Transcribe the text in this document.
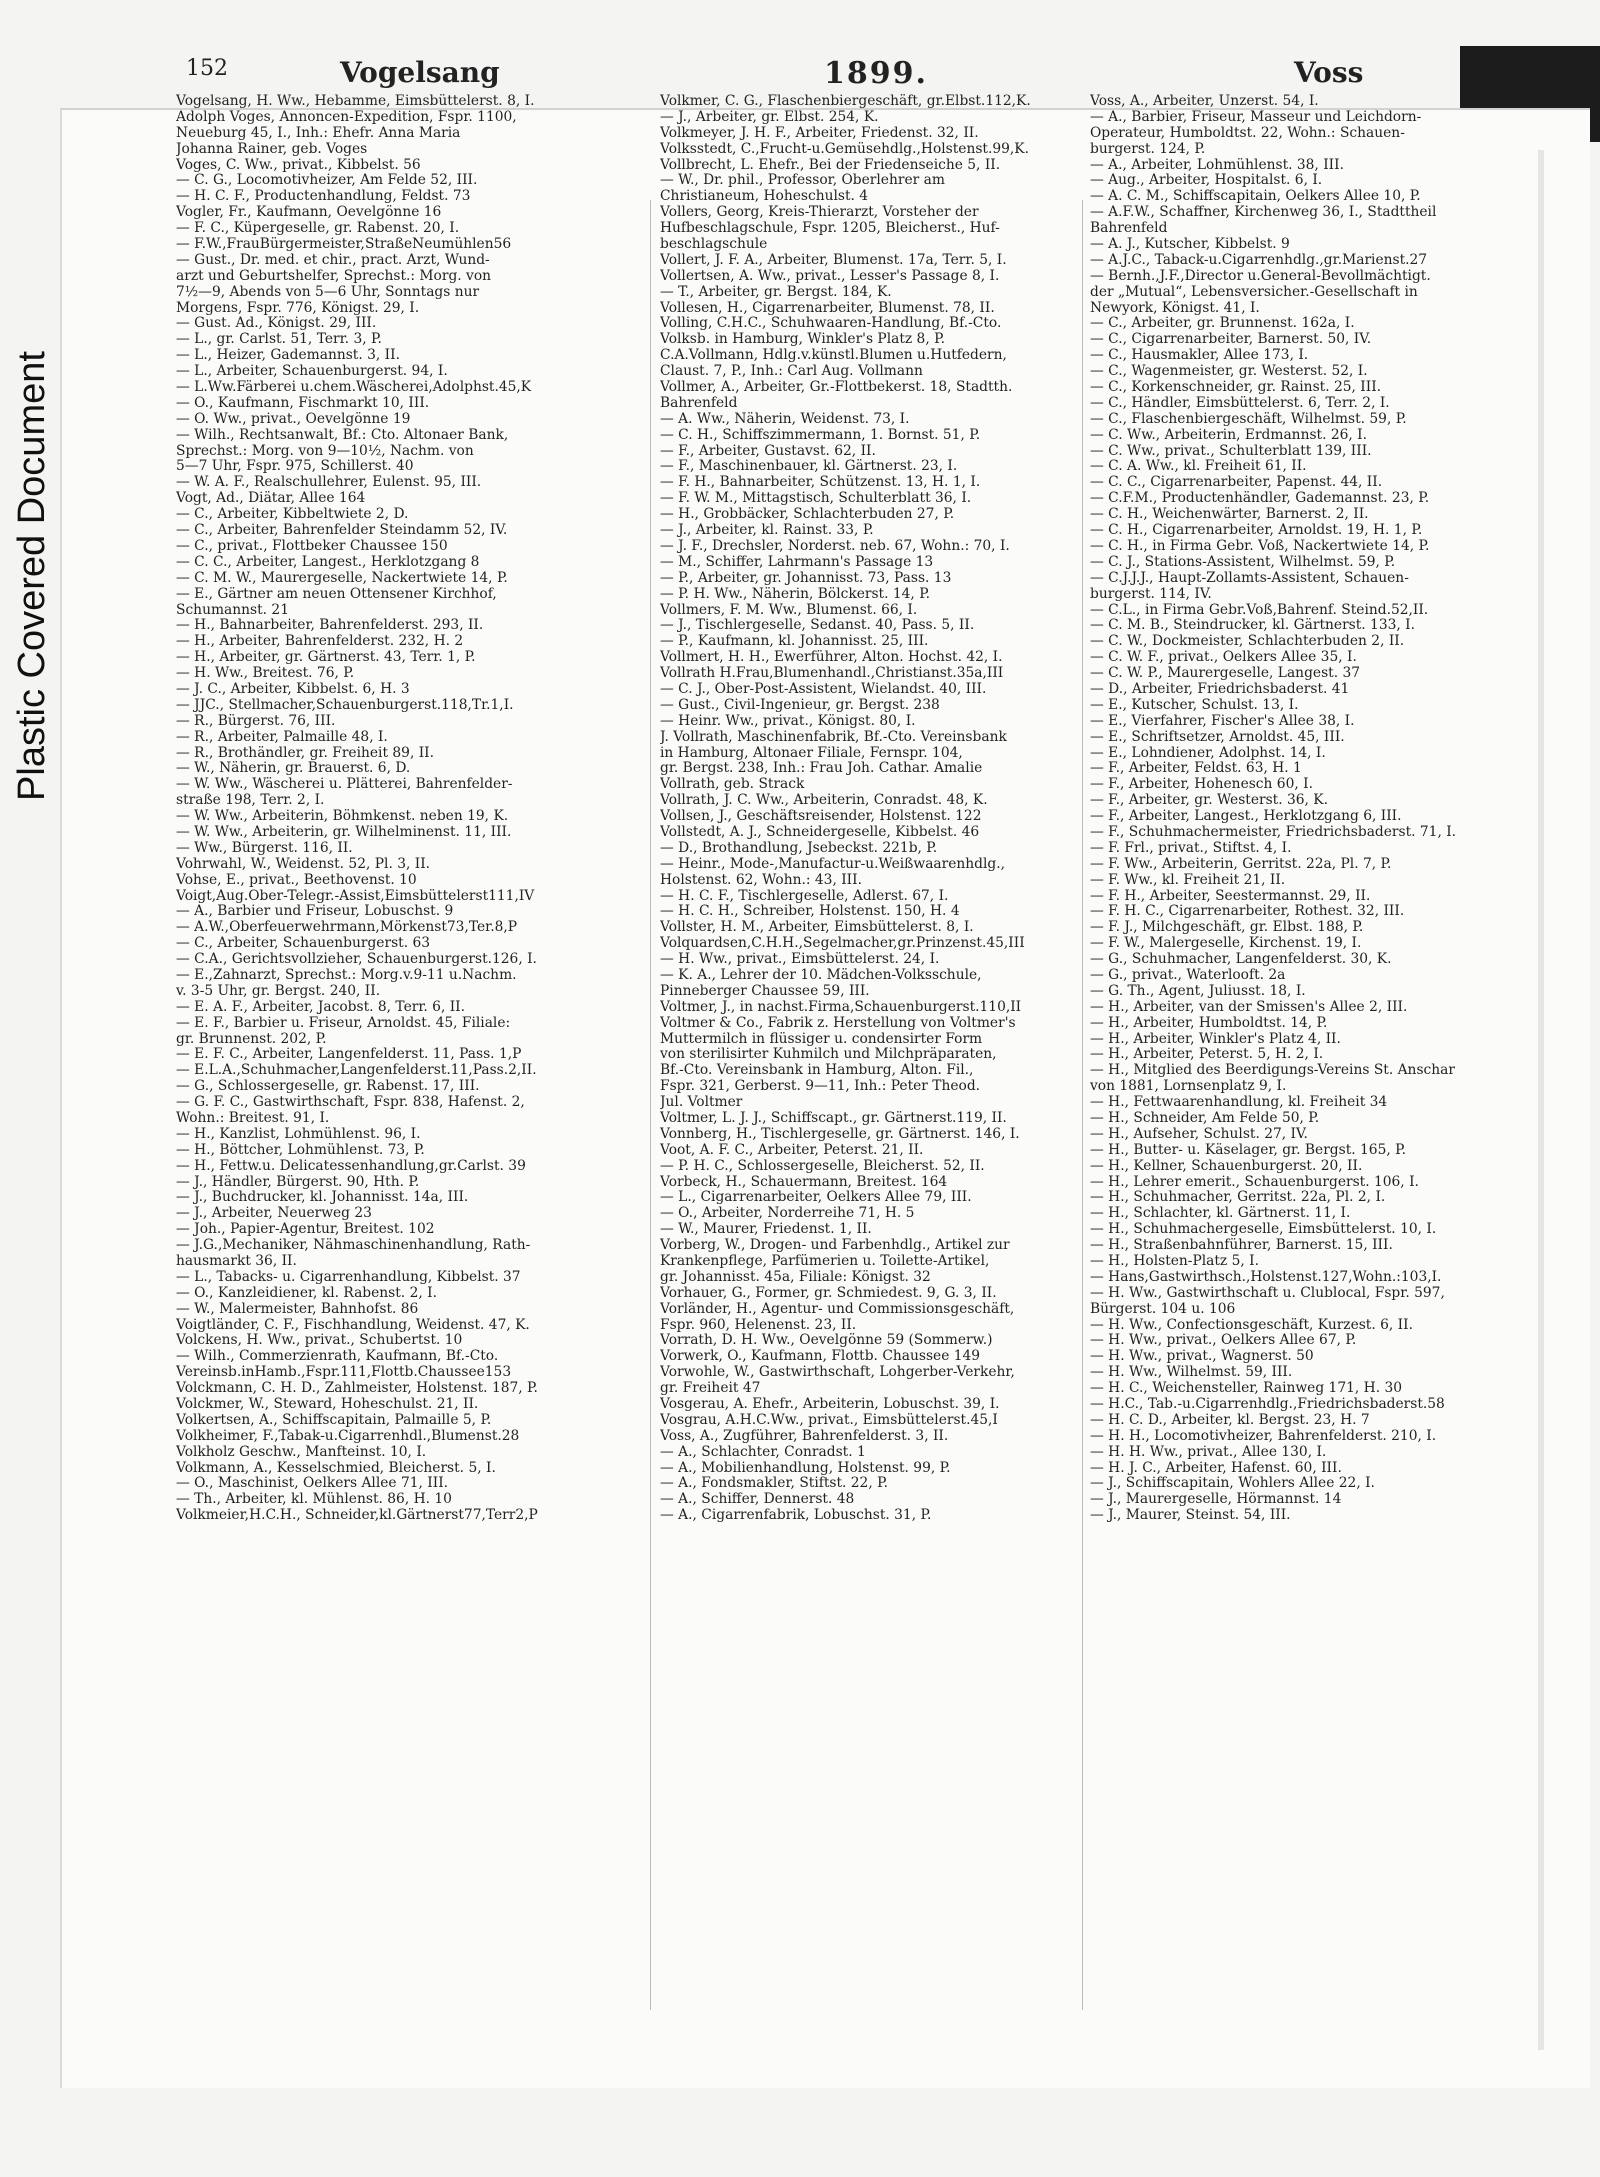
Plastic Covered Document
152	Vogelsang	1899.	Voss
Vogelsang, H. Ww., Hebamme, Eimsbüttelerst. 8, I.
Adolph Voges, Annoncen-Expedition, Fspr. 1100,
Neueburg 45, I., Inh.: Ehefr. Anna Maria
Johanna Rainer, geb. Voges
Voges, C. Ww., privat., Kibbelst. 56
— C. G., Locomotivheizer, Am Felde 52, III.
— H. C. F., Productenhandlung, Feldst. 73
Vogler, Fr., Kaufmann, Oevelgönne 16
— F. C., Küpergeselle, gr. Rabenst. 20, I.
— F.W.,FrauBürgermeister,StraßeNeumühlen56
— Gust., Dr. med. et chir., pract. Arzt, Wund-
arzt und Geburtshelfer, Sprechst.: Morg. von
7½—9, Abends von 5—6 Uhr, Sonntags nur
Morgens, Fspr. 776, Königst. 29, I.
— Gust. Ad., Königst. 29, III.
— L., gr. Carlst. 51, Terr. 3, P.
— L., Heizer, Gademannst. 3, II.
— L., Arbeiter, Schauenburgerst. 94, I.
— L.Ww.Färberei u.chem.Wäscherei,Adolphst.45,K
— O., Kaufmann, Fischmarkt 10, III.
— O. Ww., privat., Oevelgönne 19
— Wilh., Rechtsanwalt, Bf.: Cto. Altonaer Bank,
Sprechst.: Morg. von 9—10½, Nachm. von
5—7 Uhr, Fspr. 975, Schillerst. 40
— W. A. F., Realschullehrer, Eulenst. 95, III.
Vogt, Ad., Diätar, Allee 164
— C., Arbeiter, Kibbeltwiete 2, D.
— C., Arbeiter, Bahrenfelder Steindamm 52, IV.
— C., privat., Flottbeker Chaussee 150
— C. C., Arbeiter, Langest., Herklotzgang 8
— C. M. W., Maurergeselle, Nackertwiete 14, P.
— E., Gärtner am neuen Ottensener Kirchhof,
Schumannst. 21
— H., Bahnarbeiter, Bahrenfelderst. 293, II.
— H., Arbeiter, Bahrenfelderst. 232, H. 2
— H., Arbeiter, gr. Gärtnerst. 43, Terr. 1, P.
— H. Ww., Breitest. 76, P.
— J. C., Arbeiter, Kibbelst. 6, H. 3
— JJC., Stellmacher,Schauenburgerst.118,Tr.1,I.
— R., Bürgerst. 76, III.
— R., Arbeiter, Palmaille 48, I.
— R., Brothändler, gr. Freiheit 89, II.
— W., Näherin, gr. Brauerst. 6, D.
— W. Ww., Wäscherei u. Plätterei, Bahrenfelder-
straße 198, Terr. 2, I.
— W. Ww., Arbeiterin, Böhmkenst. neben 19, K.
— W. Ww., Arbeiterin, gr. Wilhelminenst. 11, III.
— Ww., Bürgerst. 116, II.
Vohrwahl, W., Weidenst. 52, Pl. 3, II.
Vohse, E., privat., Beethovenst. 10
Voigt,Aug.Ober-Telegr.-Assist,Eimsbüttelerst111,IV
— A., Barbier und Friseur, Lobuschst. 9
— A.W.,Oberfeuerwehrmann,Mörkenst73,Ter.8,P
— C., Arbeiter, Schauenburgerst. 63
— C.A., Gerichtsvollzieher, Schauenburgerst.126, I.
— E.,Zahnarzt, Sprechst.: Morg.v.9-11 u.Nachm.
v. 3-5 Uhr, gr. Bergst. 240, II.
— E. A. F., Arbeiter, Jacobst. 8, Terr. 6, II.
— E. F., Barbier u. Friseur, Arnoldst. 45, Filiale:
gr. Brunnenst. 202, P.
— E. F. C., Arbeiter, Langenfelderst. 11, Pass. 1,P
— E.L.A.,Schuhmacher,Langenfelderst.11,Pass.2,II.
— G., Schlossergeselle, gr. Rabenst. 17, III.
— G. F. C., Gastwirthschaft, Fspr. 838, Hafenst. 2,
Wohn.: Breitest. 91, I.
— H., Kanzlist, Lohmühlenst. 96, I.
— H., Böttcher, Lohmühlenst. 73, P.
— H., Fettw.u. Delicatessenhandlung,gr.Carlst. 39
— J., Händler, Bürgerst. 90, Hth. P.
— J., Buchdrucker, kl. Johannisst. 14a, III.
— J., Arbeiter, Neuerweg 23
— Joh., Papier-Agentur, Breitest. 102
— J.G.,Mechaniker, Nähmaschinenhandlung, Rath-
hausmarkt 36, II.
— L., Tabacks- u. Cigarrenhandlung, Kibbelst. 37
— O., Kanzleidiener, kl. Rabenst. 2, I.
— W., Malermeister, Bahnhofst. 86
Voigtländer, C. F., Fischhandlung, Weidenst. 47, K.
Volckens, H. Ww., privat., Schubertst. 10
— Wilh., Commerzienrath, Kaufmann, Bf.-Cto.
Vereinsb.inHamb.,Fspr.111,Flottb.Chaussee153
Volckmann, C. H. D., Zahlmeister, Holstenst. 187, P.
Volckmer, W., Steward, Hoheschulst. 21, II.
Volkertsen, A., Schiffscapitain, Palmaille 5, P.
Volkheimer, F.,Tabak-u.Cigarrenhdl.,Blumenst.28
Volkholz Geschw., Manfteinst. 10, I.
Volkmann, A., Kesselschmied, Bleicherst. 5, I.
— O., Maschinist, Oelkers Allee 71, III.
— Th., Arbeiter, kl. Mühlenst. 86, H. 10
Volkmeier,H.C.H., Schneider,kl.Gärtnerst77,Terr2,P
Volkmer, C. G., Flaschenbiergeschäft, gr.Elbst.112,K.
— J., Arbeiter, gr. Elbst. 254, K.
Volkmeyer, J. H. F., Arbeiter, Friedenst. 32, II.
Volksstedt, C.,Frucht-u.Gemüsehdlg.,Holstenst.99,K.
Vollbrecht, L. Ehefr., Bei der Friedenseiche 5, II.
— W., Dr. phil., Professor, Oberlehrer am
Christianeum, Hoheschulst. 4
Vollers, Georg, Kreis-Thierarzt, Vorsteher der
Hufbeschlagschule, Fspr. 1205, Bleicherst., Huf-
beschlagschule
Vollert, J. F. A., Arbeiter, Blumenst. 17a, Terr. 5, I.
Vollertsen, A. Ww., privat., Lesser's Passage 8, I.
— T., Arbeiter, gr. Bergst. 184, K.
Vollesen, H., Cigarrenarbeiter, Blumenst. 78, II.
Volling, C.H.C., Schuhwaaren-Handlung, Bf.-Cto.
Volksb. in Hamburg, Winkler's Platz 8, P.
C.A.Vollmann, Hdlg.v.künstl.Blumen u.Hutfedern,
Claust. 7, P., Inh.: Carl Aug. Vollmann
Vollmer, A., Arbeiter, Gr.-Flottbekerst. 18, Stadtth.
Bahrenfeld
— A. Ww., Näherin, Weidenst. 73, I.
— C. H., Schiffszimmermann, 1. Bornst. 51, P.
— F., Arbeiter, Gustavst. 62, II.
— F., Maschinenbauer, kl. Gärtnerst. 23, I.
— F. H., Bahnarbeiter, Schützenst. 13, H. 1, I.
— F. W. M., Mittagstisch, Schulterblatt 36, I.
— H., Grobbäcker, Schlachterbuden 27, P.
— J., Arbeiter, kl. Rainst. 33, P.
— J. F., Drechsler, Norderst. neb. 67, Wohn.: 70, I.
— M., Schiffer, Lahrmann's Passage 13
— P., Arbeiter, gr. Johannisst. 73, Pass. 13
— P. H. Ww., Näherin, Bölckerst. 14, P.
Vollmers, F. M. Ww., Blumenst. 66, I.
— J., Tischlergeselle, Sedanst. 40, Pass. 5, II.
— P., Kaufmann, kl. Johannisst. 25, III.
Vollmert, H. H., Ewerführer, Alton. Hochst. 42, I.
Vollrath H.Frau,Blumenhandl.,Christianst.35a,III
— C. J., Ober-Post-Assistent, Wielandst. 40, III.
— Gust., Civil-Ingenieur, gr. Bergst. 238
— Heinr. Ww., privat., Königst. 80, I.
J. Vollrath, Maschinenfabrik, Bf.-Cto. Vereinsbank
in Hamburg, Altonaer Filiale, Fernspr. 104,
gr. Bergst. 238, Inh.: Frau Joh. Cathar. Amalie
Vollrath, geb. Strack
Vollrath, J. C. Ww., Arbeiterin, Conradst. 48, K.
Vollsen, J., Geschäftsreisender, Holstenst. 122
Vollstedt, A. J., Schneidergeselle, Kibbelst. 46
— D., Brothandlung, Jsebeckst. 221b, P.
— Heinr., Mode-,Manufactur-u.Weißwaarenhdlg.,
Holstenst. 62, Wohn.: 43, III.
— H. C. F., Tischlergeselle, Adlerst. 67, I.
— H. C. H., Schreiber, Holstenst. 150, H. 4
Vollster, H. M., Arbeiter, Eimsbüttelerst. 8, I.
Volquardsen,C.H.H.,Segelmacher,gr.Prinzenst.45,III
— H. Ww., privat., Eimsbüttelerst. 24, I.
— K. A., Lehrer der 10. Mädchen-Volksschule,
Pinneberger Chaussee 59, III.
Voltmer, J., in nachst.Firma,Schauenburgerst.110,II
Voltmer & Co., Fabrik z. Herstellung von Voltmer's
Muttermilch in flüssiger u. condensirter Form
von sterilisirter Kuhmilch und Milchpräparaten,
Bf.-Cto. Vereinsbank in Hamburg, Alton. Fil.,
Fspr. 321, Gerberst. 9—11, Inh.: Peter Theod.
Jul. Voltmer
Voltmer, L. J. J., Schiffscapt., gr. Gärtnerst.119, II.
Vonnberg, H., Tischlergeselle, gr. Gärtnerst. 146, I.
Voot, A. F. C., Arbeiter, Peterst. 21, II.
— P. H. C., Schlossergeselle, Bleicherst. 52, II.
Vorbeck, H., Schauermann, Breitest. 164
— L., Cigarrenarbeiter, Oelkers Allee 79, III.
— O., Arbeiter, Norderreihe 71, H. 5
— W., Maurer, Friedenst. 1, II.
Vorberg, W., Drogen- und Farbenhdlg., Artikel zur
Krankenpflege, Parfümerien u. Toilette-Artikel,
gr. Johannisst. 45a, Filiale: Königst. 32
Vorhauer, G., Former, gr. Schmiedest. 9, G. 3, II.
Vorländer, H., Agentur- und Commissionsgeschäft,
Fspr. 960, Helenenst. 23, II.
Vorrath, D. H. Ww., Oevelgönne 59 (Sommerw.)
Vorwerk, O., Kaufmann, Flottb. Chaussee 149
Vorwohle, W., Gastwirthschaft, Lohgerber-Verkehr,
gr. Freiheit 47
Vosgerau, A. Ehefr., Arbeiterin, Lobuschst. 39, I.
Vosgrau, A.H.C.Ww., privat., Eimsbüttelerst.45,I
Voss, A., Zugführer, Bahrenfelderst. 3, II.
— A., Schlachter, Conradst. 1
— A., Mobilienhandlung, Holstenst. 99, P.
— A., Fondsmakler, Stiftst. 22, P.
— A., Schiffer, Dennerst. 48
— A., Cigarrenfabrik, Lobuschst. 31, P.
Voss, A., Arbeiter, Unzerst. 54, I.
— A., Barbier, Friseur, Masseur und Leichdorn-
Operateur, Humboldtst. 22, Wohn.: Schauen-
burgerst. 124, P.
— A., Arbeiter, Lohmühlenst. 38, III.
— Aug., Arbeiter, Hospitalst. 6, I.
— A. C. M., Schiffscapitain, Oelkers Allee 10, P.
— A.F.W., Schaffner, Kirchenweg 36, I., Stadttheil
Bahrenfeld
— A. J., Kutscher, Kibbelst. 9
— A.J.C., Taback-u.Cigarrenhdlg.,gr.Marienst.27
— Bernh.,J.F.,Director u.General-Bevollmächtigt.
der „Mutual“, Lebensversicher.-Gesellschaft in
Newyork, Königst. 41, I.
— C., Arbeiter, gr. Brunnenst. 162a, I.
— C., Cigarrenarbeiter, Barnerst. 50, IV.
— C., Hausmakler, Allee 173, I.
— C., Wagenmeister, gr. Westerst. 52, I.
— C., Korkenschneider, gr. Rainst. 25, III.
— C., Händler, Eimsbüttelerst. 6, Terr. 2, I.
— C., Flaschenbiergeschäft, Wilhelmst. 59, P.
— C. Ww., Arbeiterin, Erdmannst. 26, I.
— C. Ww., privat., Schulterblatt 139, III.
— C. A. Ww., kl. Freiheit 61, II.
— C. C., Cigarrenarbeiter, Papenst. 44, II.
— C.F.M., Productenhändler, Gademannst. 23, P.
— C. H., Weichenwärter, Barnerst. 2, II.
— C. H., Cigarrenarbeiter, Arnoldst. 19, H. 1, P.
— C. H., in Firma Gebr. Voß, Nackertwiete 14, P.
— C. J., Stations-Assistent, Wilhelmst. 59, P.
— C.J.J.J., Haupt-Zollamts-Assistent, Schauen-
burgerst. 114, IV.
— C.L., in Firma Gebr.Voß,Bahrenf. Steind.52,II.
— C. M. B., Steindrucker, kl. Gärtnerst. 133, I.
— C. W., Dockmeister, Schlachterbuden 2, II.
— C. W. F., privat., Oelkers Allee 35, I.
— C. W. P., Maurergeselle, Langest. 37
— D., Arbeiter, Friedrichsbaderst. 41
— E., Kutscher, Schulst. 13, I.
— E., Vierfahrer, Fischer's Allee 38, I.
— E., Schriftsetzer, Arnoldst. 45, III.
— E., Lohndiener, Adolphst. 14, I.
— F., Arbeiter, Feldst. 63, H. 1
— F., Arbeiter, Hohenesch 60, I.
— F., Arbeiter, gr. Westerst. 36, K.
— F., Arbeiter, Langest., Herklotzgang 6, III.
— F., Schuhmachermeister, Friedrichsbaderst. 71, I.
— F. Frl., privat., Stiftst. 4, I.
— F. Ww., Arbeiterin, Gerritst. 22a, Pl. 7, P.
— F. Ww., kl. Freiheit 21, II.
— F. H., Arbeiter, Seestermannst. 29, II.
— F. H. C., Cigarrenarbeiter, Rothest. 32, III.
— F. J., Milchgeschäft, gr. Elbst. 188, P.
— F. W., Malergeselle, Kirchenst. 19, I.
— G., Schuhmacher, Langenfelderst. 30, K.
— G., privat., Waterlooft. 2a
— G. Th., Agent, Juliusst. 18, I.
— H., Arbeiter, van der Smissen's Allee 2, III.
— H., Arbeiter, Humboldtst. 14, P.
— H., Arbeiter, Winkler's Platz 4, II.
— H., Arbeiter, Peterst. 5, H. 2, I.
— H., Mitglied des Beerdigungs-Vereins St. Anschar
von 1881, Lornsenplatz 9, I.
— H., Fettwaarenhandlung, kl. Freiheit 34
— H., Schneider, Am Felde 50, P.
— H., Aufseher, Schulst. 27, IV.
— H., Butter- u. Käselager, gr. Bergst. 165, P.
— H., Kellner, Schauenburgerst. 20, II.
— H., Lehrer emerit., Schauenburgerst. 106, I.
— H., Schuhmacher, Gerritst. 22a, Pl. 2, I.
— H., Schlachter, kl. Gärtnerst. 11, I.
— H., Schuhmachergeselle, Eimsbüttelerst. 10, I.
— H., Straßenbahnführer, Barnerst. 15, III.
— H., Holsten-Platz 5, I.
— Hans,Gastwirthsch.,Holstenst.127,Wohn.:103,I.
— H. Ww., Gastwirthschaft u. Clublocal, Fspr. 597,
Bürgerst. 104 u. 106
— H. Ww., Confectionsgeschäft, Kurzest. 6, II.
— H. Ww., privat., Oelkers Allee 67, P.
— H. Ww., privat., Wagnerst. 50
— H. Ww., Wilhelmst. 59, III.
— H. C., Weichensteller, Rainweg 171, H. 30
— H.C., Tab.-u.Cigarrenhdlg.,Friedrichsbaderst.58
— H. C. D., Arbeiter, kl. Bergst. 23, H. 7
— H. H., Locomotivheizer, Bahrenfelderst. 210, I.
— H. H. Ww., privat., Allee 130, I.
— H. J. C., Arbeiter, Hafenst. 60, III.
— J., Schiffscapitain, Wohlers Allee 22, I.
— J., Maurergeselle, Hörmannst. 14
— J., Maurer, Steinst. 54, III.
